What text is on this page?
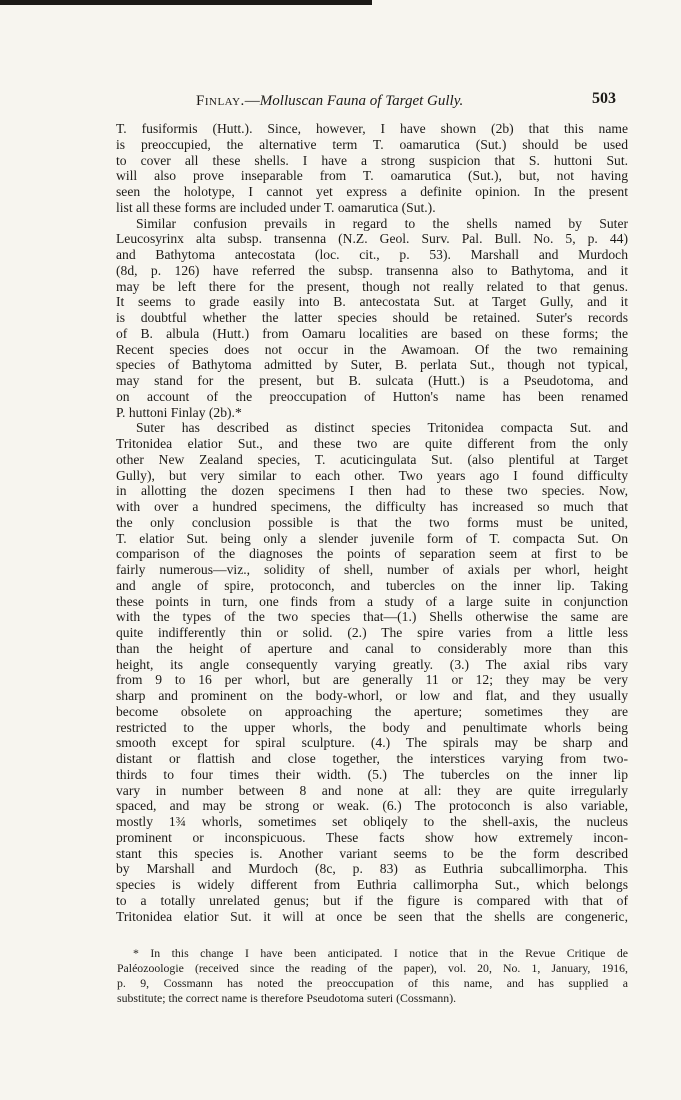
Finlay.—Molluscan Fauna of Target Gully.	503
T. fusiformis (Hutt.). Since, however, I have shown (2b) that this name
is preoccupied, the alternative term T. oamarutica (Sut.) should be used
to cover all these shells. I have a strong suspicion that S. huttoni Sut.
will also prove inseparable from T. oamarutica (Sut.), but, not having
seen the holotype, I cannot yet express a definite opinion. In the present
list all these forms are included under T. oamarutica (Sut.).
Similar confusion prevails in regard to the shells named by Suter
Leucosyrinx alta subsp. transenna (N.Z. Geol. Surv. Pal. Bull. No. 5, p. 44)
and Bathytoma antecostata (loc. cit., p. 53). Marshall and Murdoch
(8d, p. 126) have referred the subsp. transenna also to Bathytoma, and it
may be left there for the present, though not really related to that genus.
It seems to grade easily into B. antecostata Sut. at Target Gully, and it
is doubtful whether the latter species should be retained. Suter's records
of B. albula (Hutt.) from Oamaru localities are based on these forms; the
Recent species does not occur in the Awamoan. Of the two remaining
species of Bathytoma admitted by Suter, B. perlata Sut., though not typical,
may stand for the present, but B. sulcata (Hutt.) is a Pseudotoma, and
on account of the preoccupation of Hutton's name has been renamed
P. huttoni Finlay (2b).*
Suter has described as distinct species Tritonidea compacta Sut. and
Tritonidea elatior Sut., and these two are quite different from the only
other New Zealand species, T. acuticingulata Sut. (also plentiful at Target
Gully), but very similar to each other. Two years ago I found difficulty
in allotting the dozen specimens I then had to these two species. Now,
with over a hundred specimens, the difficulty has increased so much that
the only conclusion possible is that the two forms must be united,
T. elatior Sut. being only a slender juvenile form of T. compacta Sut. On
comparison of the diagnoses the points of separation seem at first to be
fairly numerous—viz., solidity of shell, number of axials per whorl, height
and angle of spire, protoconch, and tubercles on the inner lip. Taking
these points in turn, one finds from a study of a large suite in conjunction
with the types of the two species that—(1.) Shells otherwise the same are
quite indifferently thin or solid. (2.) The spire varies from a little less
than the height of aperture and canal to considerably more than this
height, its angle consequently varying greatly. (3.) The axial ribs vary
from 9 to 16 per whorl, but are generally 11 or 12; they may be very
sharp and prominent on the body-whorl, or low and flat, and they usually
become obsolete on approaching the aperture; sometimes they are
restricted to the upper whorls, the body and penultimate whorls being
smooth except for spiral sculpture. (4.) The spirals may be sharp and
distant or flattish and close together, the interstices varying from two-
thirds to four times their width. (5.) The tubercles on the inner lip
vary in number between 8 and none at all: they are quite irregularly
spaced, and may be strong or weak. (6.) The protoconch is also variable,
mostly 1¾ whorls, sometimes set obliqely to the shell-axis, the nucleus
prominent or inconspicuous. These facts show how extremely incon-
stant this species is. Another variant seems to be the form described
by Marshall and Murdoch (8c, p. 83) as Euthria subcallimorpha. This
species is widely different from Euthria callimorpha Sut., which belongs
to a totally unrelated genus; but if the figure is compared with that of
Tritonidea elatior Sut. it will at once be seen that the shells are congeneric,
* In this change I have been anticipated. I notice that in the Revue Critique de
Paléozoologie (received since the reading of the paper), vol. 20, No. 1, January, 1916,
p. 9, Cossmann has noted the preoccupation of this name, and has supplied a
substitute; the correct name is therefore Pseudotoma suteri (Cossmann).
